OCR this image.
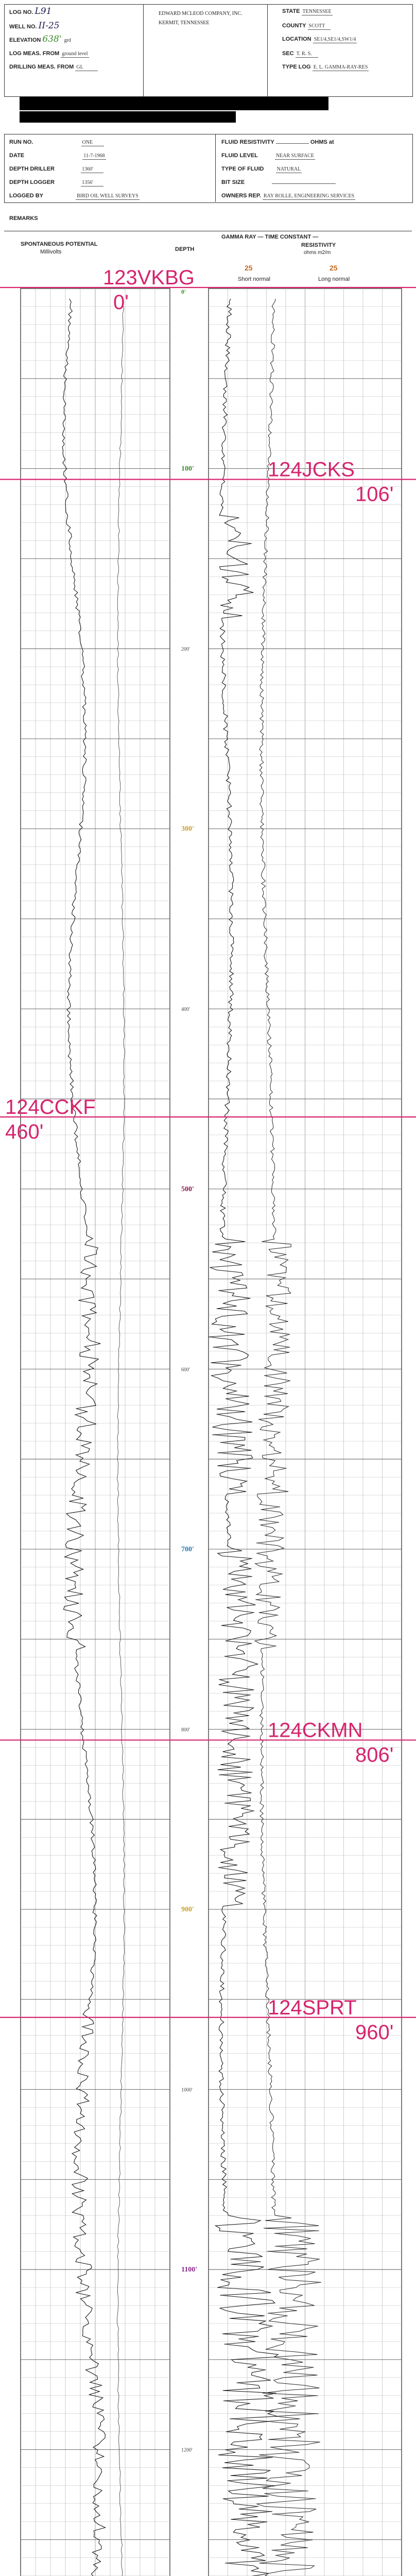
LOG NO. L91
WELL NO. II-25
ELEVATION 638' grd
LOG MEAS. FROM ground level
DRILLING MEAS. FROM GL
EDWARD MCLEOD COMPANY, INC.
KERMIT, TENNESSEE
STATE TENNESSEE
COUNTY SCOTT
LOCATION SE1/4,SE1/4,SW1/4
SEC T. R. S.
TYPE LOG E. L. GAMMA-RAY-RES
RUN NO.	ONE
DATE	11-7-1968
DEPTH DRILLER	1360'
DEPTH LOGGER	1356'
LOGGED BY	BIRD OIL WELL SURVEYS
FLUID RESISTIVITY	OHMS at
FLUID LEVEL	NEAR SURFACE
TYPE OF FLUID	NATURAL
BIT SIZE
OWNERS REP. RAY ROLLE, ENGINEERING SERVICES
REMARKS
100'
300'
500'
700'
900'
1100'
200'
400'
600'
800'
1000'
1200'
123VKBG
0'
124JCKS
106'
124CCKF
460'
124CKMN
806'
124SPRT
960'
0'
SPONTANEOUS POTENTIAL
Millivolts	DEPTH
GAMMA RAY — TIME CONSTANT —
RESISTIVITY
ohms m2/m
25	25
Short normal	Long normal
